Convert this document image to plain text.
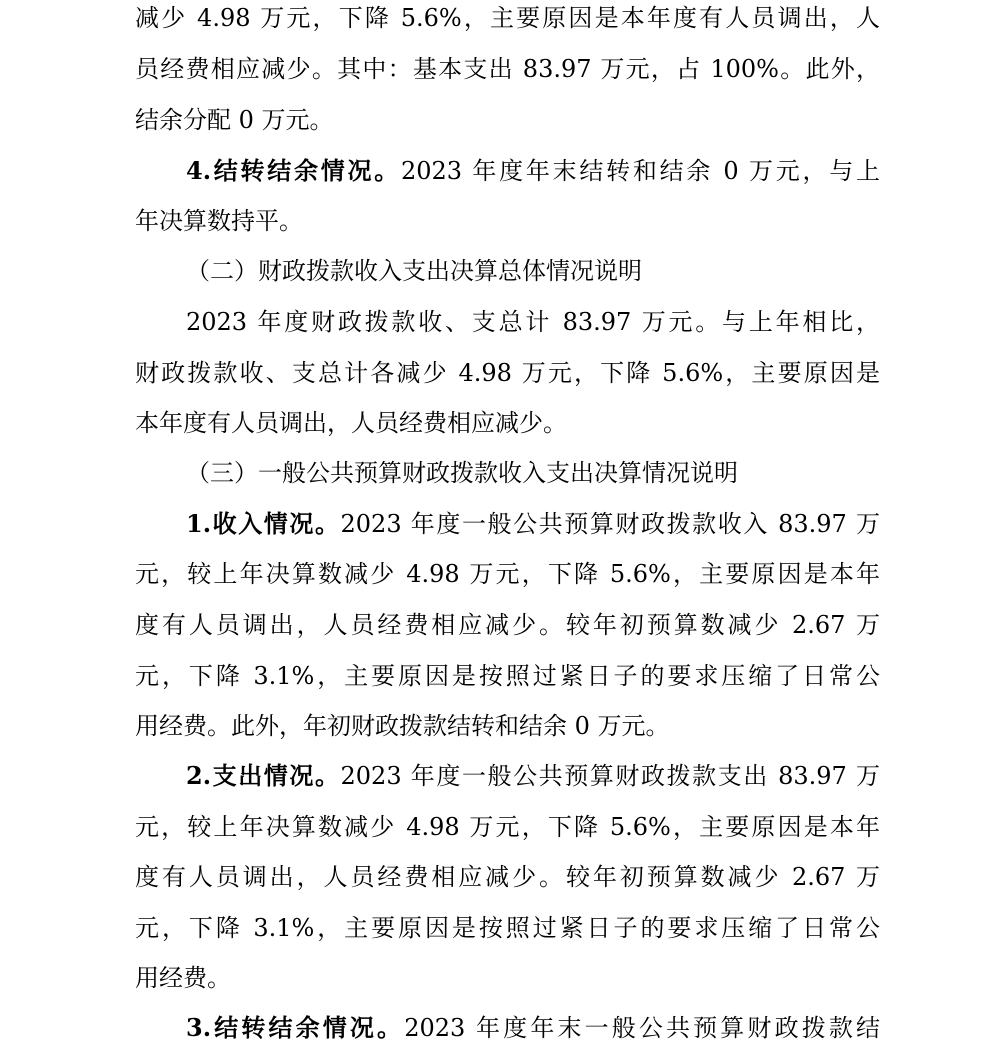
减少 4.98 万元，下降 5.6%，主要原因是本年度有人员调出，人
员经费相应减少。其中：基本支出 83.97 万元，占 100%。此外，
结余分配 0 万元。
4.结转结余情况。2023 年度年末结转和结余 0 万元，与上
年决算数持平。
（二）财政拨款收入支出决算总体情况说明
2023 年度财政拨款收、支总计 83.97 万元。与上年相比，
财政拨款收、支总计各减少 4.98 万元，下降 5.6%，主要原因是
本年度有人员调出，人员经费相应减少。
（三）一般公共预算财政拨款收入支出决算情况说明
1.收入情况。2023 年度一般公共预算财政拨款收入 83.97 万
元，较上年决算数减少 4.98 万元，下降 5.6%，主要原因是本年
度有人员调出，人员经费相应减少。较年初预算数减少 2.67 万
元，下降 3.1%，主要原因是按照过紧日子的要求压缩了日常公
用经费。此外，年初财政拨款结转和结余 0 万元。
2.支出情况。2023 年度一般公共预算财政拨款支出 83.97 万
元，较上年决算数减少 4.98 万元，下降 5.6%，主要原因是本年
度有人员调出，人员经费相应减少。较年初预算数减少 2.67 万
元，下降 3.1%，主要原因是按照过紧日子的要求压缩了日常公
用经费。
3.结转结余情况。2023 年度年末一般公共预算财政拨款结
